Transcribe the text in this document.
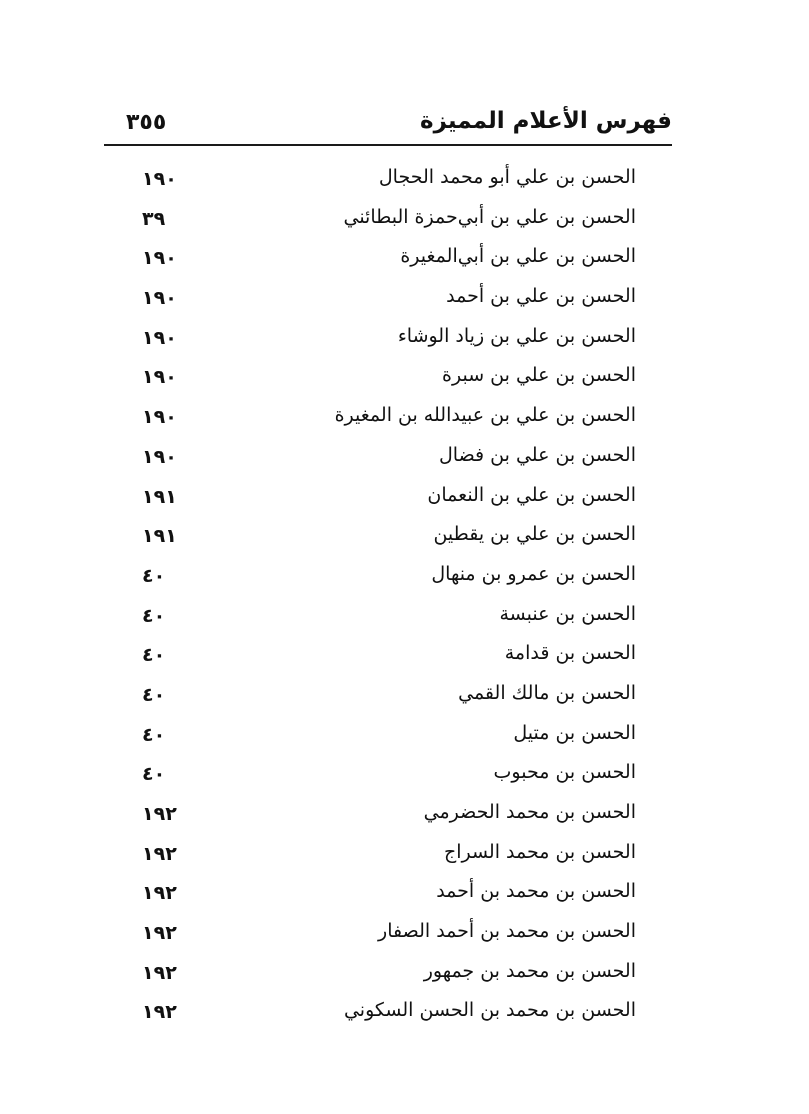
فهرس الأعلام المميزة
٣٥٥
الحسن بن علي أبو محمد الحجال
١٩٠
الحسن بن علي بن أبي‌حمزة البطائني
٣٩
الحسن بن علي بن أبي‌المغيرة
١٩٠
الحسن بن علي بن أحمد
١٩٠
الحسن بن علي بن زياد الوشاء
١٩٠
الحسن بن علي بن سبرة
١٩٠
الحسن بن علي بن عبيدالله بن المغيرة
١٩٠
الحسن بن علي بن فضال
١٩٠
الحسن بن علي بن النعمان
١٩١
الحسن بن علي بن يقطين
١٩١
الحسن بن عمرو بن منهال
٤٠
الحسن بن عنبسة
٤٠
الحسن بن قدامة
٤٠
الحسن بن مالك القمي
٤٠
الحسن بن متيل
٤٠
الحسن بن محبوب
٤٠
الحسن بن محمد الحضرمي
١٩٢
الحسن بن محمد السراج
١٩٢
الحسن بن محمد بن أحمد
١٩٢
الحسن بن محمد بن أحمد الصفار
١٩٢
الحسن بن محمد بن جمهور
١٩٢
الحسن بن محمد بن الحسن السكوني
١٩٢
